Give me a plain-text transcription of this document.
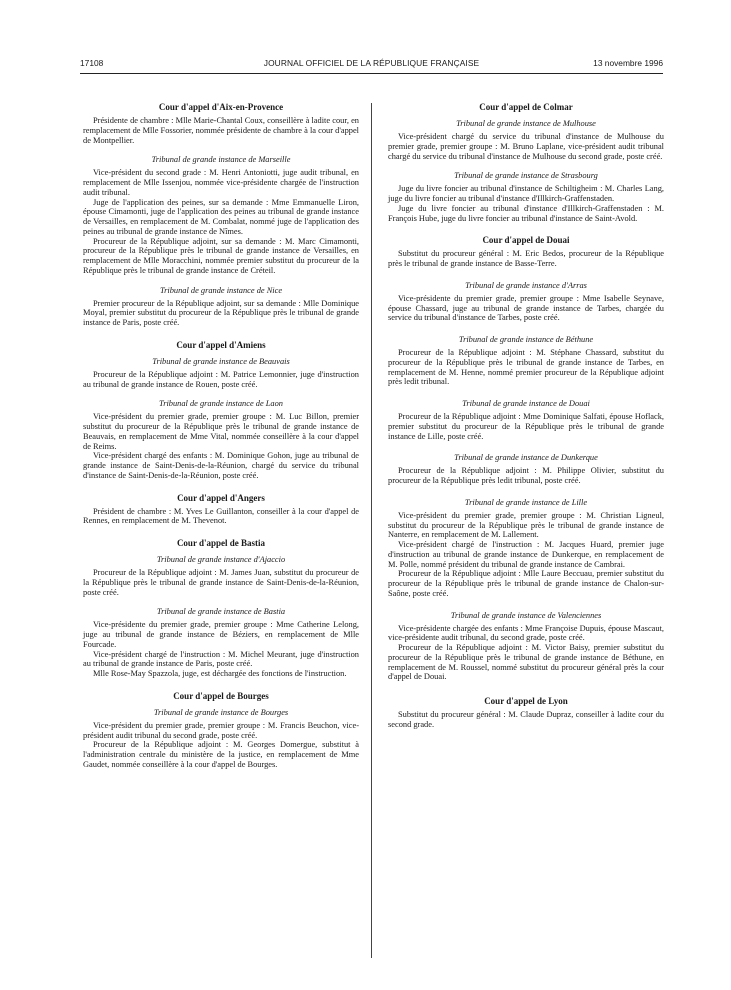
17108	JOURNAL OFFICIEL DE LA RÉPUBLIQUE FRANÇAISE	13 novembre 1996
Cour d'appel d'Aix-en-Provence

Présidente de chambre : Mlle Marie-Chantal Coux, conseillère à ladite cour, en remplacement de Mlle Fossorier, nommée présidente de chambre à la cour d'appel de Montpellier.

Tribunal de grande instance de Marseille

Vice-président du second grade : M. Henri Antoniotti, juge audit tribunal, en remplacement de Mlle Issenjou, nommée vice-présidente chargée de l'instruction audit tribunal.

Juge de l'application des peines, sur sa demande : Mme Emmanuelle Liron, épouse Cimamonti, juge de l'application des peines au tribunal de grande instance de Versailles, en remplacement de M. Combalat, nommé juge de l'application des peines au tribunal de grande instance de Nîmes.

Procureur de la République adjoint, sur sa demande : M. Marc Cimamonti, procureur de la République près le tribunal de grande instance de Versailles, en remplacement de Mlle Moracchini, nommée premier substitut du procureur de la République près le tribunal de grande instance de Créteil.

Tribunal de grande instance de Nice

Premier procureur de la République adjoint, sur sa demande : Mlle Dominique Moyal, premier substitut du procureur de la République près le tribunal de grande instance de Paris, poste créé.

Cour d'appel d'Amiens
Tribunal de grande instance de Beauvais

Procureur de la République adjoint : M. Patrice Lemonnier, juge d'instruction au tribunal de grande instance de Rouen, poste créé.

Tribunal de grande instance de Laon

Vice-président du premier grade, premier groupe : M. Luc Billon, premier substitut du procureur de la République près le tribunal de grande instance de Beauvais, en remplacement de Mme Vital, nommée conseillère à la cour d'appel de Reims.

Vice-président chargé des enfants : M. Dominique Gohon, juge au tribunal de grande instance de Saint-Denis-de-la-Réunion, chargé du service du tribunal d'instance de Saint-Denis-de-la-Réunion, poste créé.

Cour d'appel d'Angers

Président de chambre : M. Yves Le Guillanton, conseiller à la cour d'appel de Rennes, en remplacement de M. Thevenot.

Cour d'appel de Bastia
Tribunal de grande instance d'Ajaccio

Procureur de la République adjoint : M. James Juan, substitut du procureur de la République près le tribunal de grande instance de Saint-Denis-de-la-Réunion, poste créé.

Tribunal de grande instance de Bastia

Vice-présidente du premier grade, premier groupe : Mme Catherine Lelong, juge au tribunal de grande instance de Béziers, en remplacement de Mlle Fourcade.

Vice-président chargé de l'instruction : M. Michel Meurant, juge d'instruction au tribunal de grande instance de Paris, poste créé.

Mlle Rose-May Spazzola, juge, est déchargée des fonctions de l'instruction.

Cour d'appel de Bourges
Tribunal de grande instance de Bourges

Vice-président du premier grade, premier groupe : M. Francis Beuchon, vice-président audit tribunal du second grade, poste créé.

Procureur de la République adjoint : M. Georges Domergue, substitut à l'administration centrale du ministère de la justice, en remplacement de Mme Gaudet, nommée conseillère à la cour d'appel de Bourges.

Cour d'appel de Colmar
Tribunal de grande instance de Mulhouse

Vice-président chargé du service du tribunal d'instance de Mulhouse du premier grade, premier groupe : M. Bruno Laplane, vice-président audit tribunal chargé du service du tribunal d'instance de Mulhouse du second grade, poste créé.

Tribunal de grande instance de Strasbourg

Juge du livre foncier au tribunal d'instance de Schiltigheim : M. Charles Lang, juge du livre foncier au tribunal d'instance d'Illkirch-Graffenstaden.

Juge du livre foncier au tribunal d'instance d'Illkirch-Graffenstaden : M. François Hube, juge du livre foncier au tribunal d'instance de Saint-Avold.

Cour d'appel de Douai

Substitut du procureur général : M. Eric Bedos, procureur de la République près le tribunal de grande instance de Basse-Terre.

Tribunal de grande instance d'Arras

Vice-présidente du premier grade, premier groupe : Mme Isabelle Seynave, épouse Chassard, juge au tribunal de grande instance de Tarbes, chargée du service du tribunal d'instance de Tarbes, poste créé.

Tribunal de grande instance de Béthune

Procureur de la République adjoint : M. Stéphane Chassard, substitut du procureur de la République près le tribunal de grande instance de Tarbes, en remplacement de M. Henne, nommé premier procureur de la République adjoint près ledit tribunal.

Tribunal de grande instance de Douai

Procureur de la République adjoint : Mme Dominique Salfati, épouse Hoflack, premier substitut du procureur de la République près le tribunal de grande instance de Lille, poste créé.

Tribunal de grande instance de Dunkerque

Procureur de la République adjoint : M. Philippe Olivier, substitut du procureur de la République près ledit tribunal, poste créé.

Tribunal de grande instance de Lille

Vice-président du premier grade, premier groupe : M. Christian Ligneul, substitut du procureur de la République près le tribunal de grande instance de Nanterre, en remplacement de M. Lallement.

Vice-président chargé de l'instruction : M. Jacques Huard, premier juge d'instruction au tribunal de grande instance de Dunkerque, en remplacement de M. Polle, nommé président du tribunal de grande instance de Cambrai.

Procureur de la République adjoint : Mlle Laure Beccuau, premier substitut du procureur de la République près le tribunal de grande instance de Chalon-sur-Saône, poste créé.

Tribunal de grande instance de Valenciennes

Vice-présidente chargée des enfants : Mme Françoise Dupuis, épouse Mascaut, vice-présidente audit tribunal, du second grade, poste créé.

Procureur de la République adjoint : M. Victor Baisy, premier substitut du procureur de la République près le tribunal de grande instance de Béthune, en remplacement de M. Roussel, nommé substitut du procureur général près la cour d'appel de Douai.

Cour d'appel de Lyon

Substitut du procureur général : M. Claude Dupraz, conseiller à ladite cour du second grade.
